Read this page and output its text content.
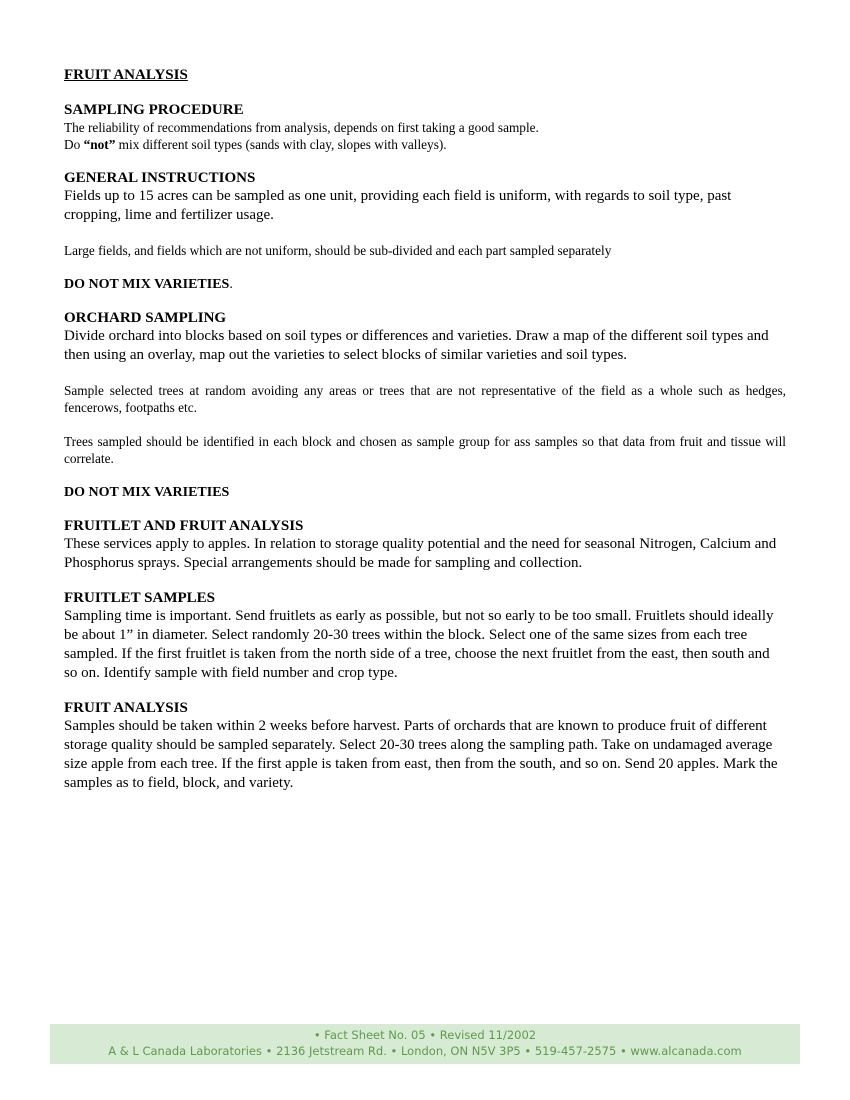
FRUIT ANALYSIS

SAMPLING PROCEDURE

The reliability of recommendations from analysis, depends on first taking a good sample.

Do “not” mix different soil types (sands with clay, slopes with valleys).

GENERAL INSTRUCTIONS

Fields up to 15 acres can be sampled as one unit, providing each field is uniform, with regards to soil type, past cropping, lime and fertilizer usage.

Large fields, and fields which are not uniform, should be sub-divided and each part sampled separately

DO NOT MIX VARIETIES.

ORCHARD SAMPLING

Divide orchard into blocks based on soil types or differences and varieties. Draw a map of the different soil types and then using an overlay, map out the varieties to select blocks of similar varieties and soil types.

Sample selected trees at random avoiding any areas or trees that are not representative of the field as a whole such as hedges, fencerows, footpaths etc.

Trees sampled should be identified in each block and chosen as sample group for ass samples so that data from fruit and tissue will correlate.

DO NOT MIX VARIETIES

FRUITLET AND FRUIT ANALYSIS

These services apply to apples. In relation to storage quality potential and the need for seasonal Nitrogen, Calcium and Phosphorus sprays. Special arrangements should be made for sampling and collection.

FRUITLET SAMPLES

Sampling time is important. Send fruitlets as early as possible, but not so early to be too small. Fruitlets should ideally be about 1” in diameter. Select randomly 20-30 trees within the block. Select one of the same sizes from each tree sampled. If the first fruitlet is taken from the north side of a tree, choose the next fruitlet from the east, then south and so on. Identify sample with field number and crop type.

FRUIT ANALYSIS

Samples should be taken within 2 weeks before harvest. Parts of orchards that are known to produce fruit of different storage quality should be sampled separately. Select 20-30 trees along the sampling path. Take on undamaged average size apple from each tree. If the first apple is taken from east, then from the south, and so on. Send 20 apples. Mark the samples as to field, block, and variety.

• Fact Sheet No. 05 • Revised 11/2002
A & L Canada Laboratories • 2136 Jetstream Rd. • London, ON N5V 3P5 • 519-457-2575 • www.alcanada.com
